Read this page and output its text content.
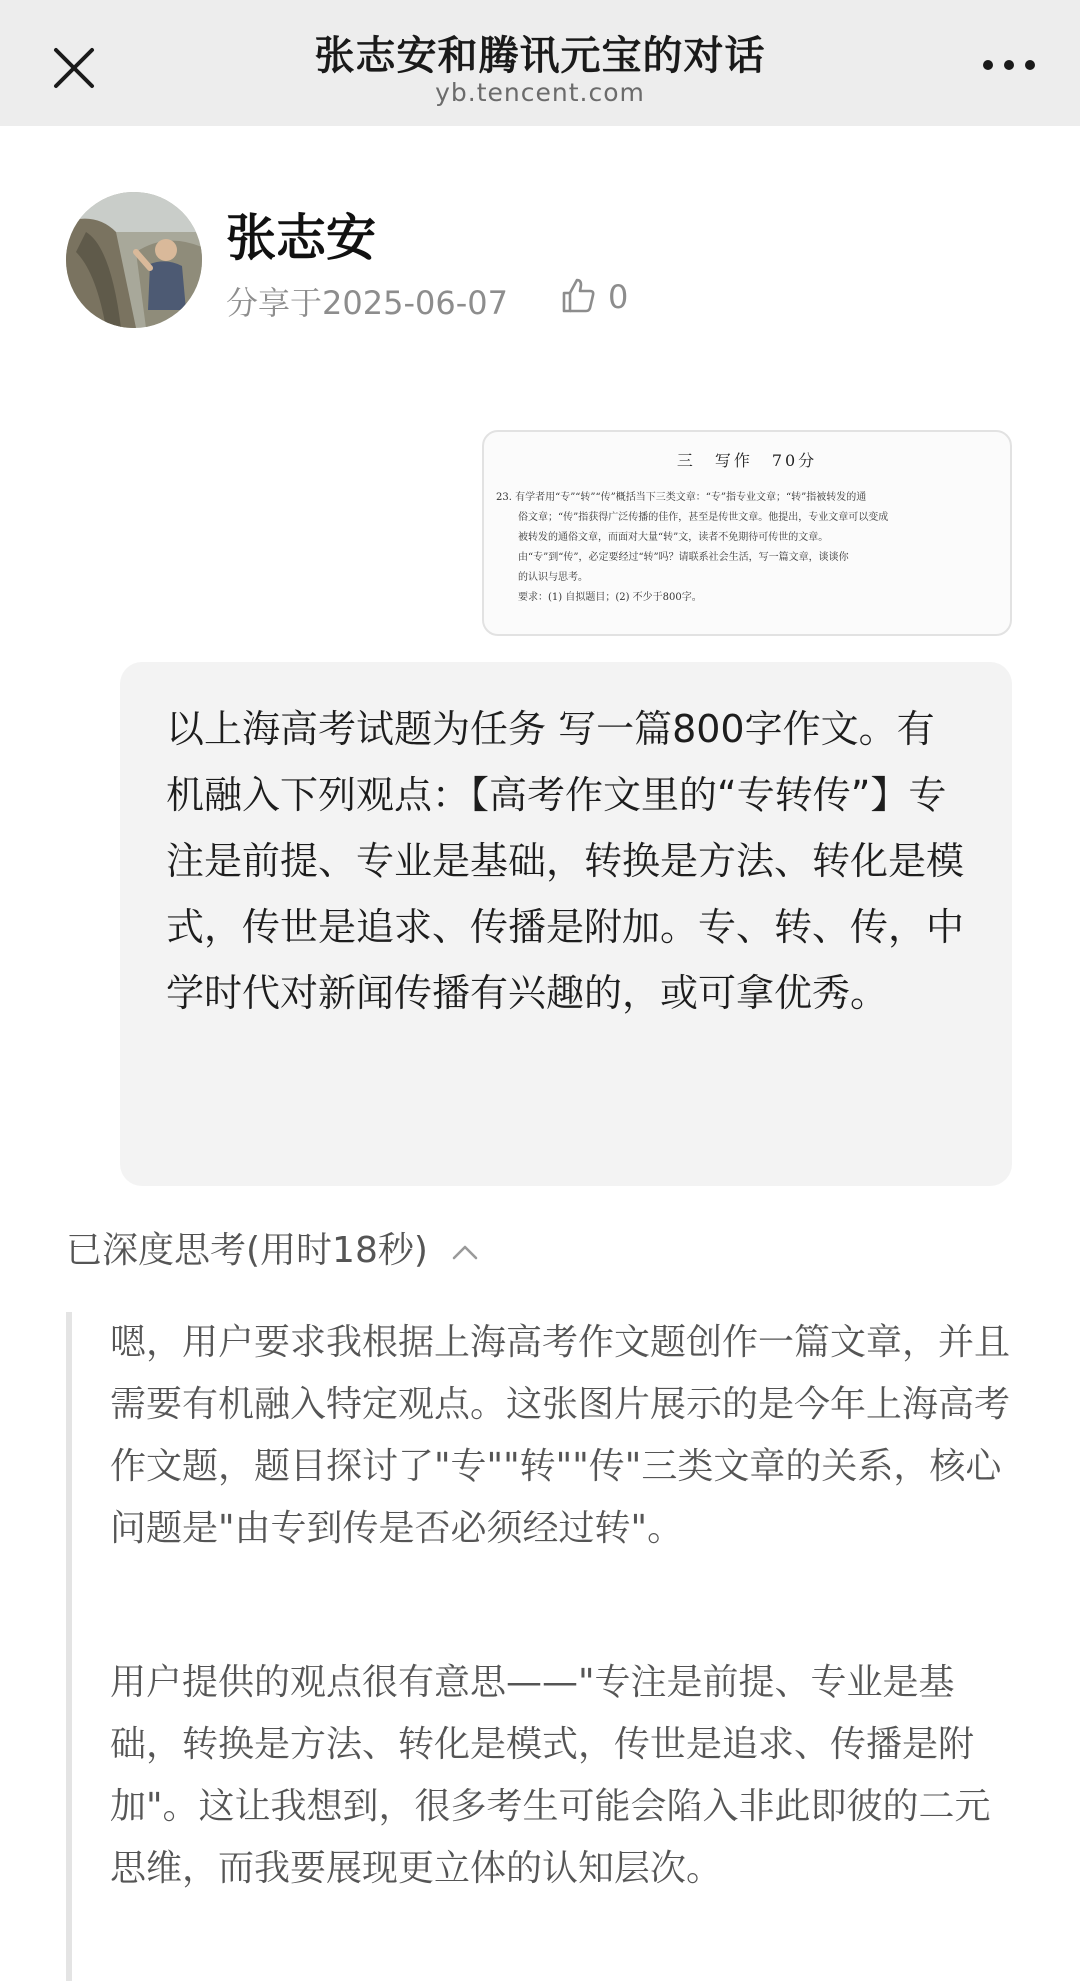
张志安和腾讯元宝的对话
yb.tencent.com
张志安
分享于2025-06-07	0
三　写作　70分

23. 有学者用“专”“转”“传”概括当下三类文章：“专”指专业文章；“转”指被转发的通

俗文章；“传”指获得广泛传播的佳作，甚至是传世文章。他提出，专业文章可以变成

被转发的通俗文章，而面对大量“转”文，读者不免期待可传世的文章。

由“专”到“传”，必定要经过“转”吗？请联系社会生活，写一篇文章，谈谈你

的认识与思考。

要求：(1) 自拟题目；(2) 不少于800字。

以上海高考试题为任务 写一篇800字作文。有机融入下列观点：【高考作文里的“专转传”】专注是前提、专业是基础，转换是方法、转化是模式，传世是追求、传播是附加。专、转、传，中学时代对新闻传播有兴趣的，或可拿优秀。
已深度思考(用时18秒)

嗯，用户要求我根据上海高考作文题创作一篇文章，并且需要有机融入特定观点。这张图片展示的是今年上海高考作文题，题目探讨了"专""转""传"三类文章的关系，核心问题是"由专到传是否必须经过转"。

用户提供的观点很有意思——"专注是前提、专业是基础，转换是方法、转化是模式，传世是追求、传播是附加"。这让我想到，很多考生可能会陷入非此即彼的二元思维，而我要展现更立体的认知层次。
